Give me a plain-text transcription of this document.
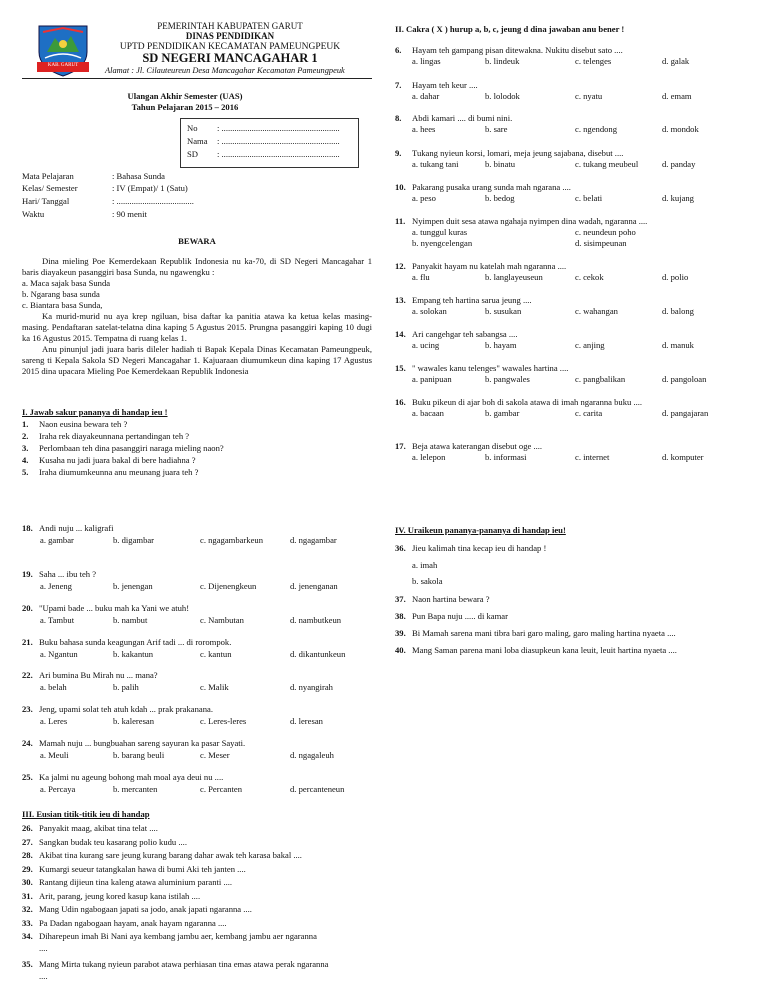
KAB. GARUT
PEMERINTAH KABUPATEN GARUT
DINAS PENDIDIKAN
UPTD PENDIDIKAN KECAMATAN PAMEUNGPEUK
SD NEGERI MANCAGAHAR 1
Alamat : Jl. Cilauteureun Desa Mancagahar Kecamatan Pameungpeuk
Ulangan Akhir Semester (UAS)
Tahun Pelajaran 2015 – 2016
No : .......................................................
Nama : .......................................................
SD : .......................................................
Mata Pelajaran	: Bahasa Sunda
Kelas/ Semester	: IV (Empat)/ 1 (Satu)
Hari/ Tanggal	: ....................................
Waktu	: 90 menit
BEWARA

Dina mieling Poe Kemerdekaan Republik Indonesia nu ka-70, di SD Negeri Mancagahar 1 baris diayakeun pasanggiri basa Sunda, nu ngawengku :

a. Maca sajak basa Sunda

b. Ngarang basa sunda

c. Biantara basa Sunda,

Ka murid-murid nu aya krep ngiluan, bisa daftar ka panitia atawa ka ketua kelas masing-masing. Pendaftaran satelat-telatna dina kaping 5 Agustus 2015. Prungna pasanggiri kaping 10 dugi ka 16 Agustus 2015. Tempatna di ruang kelas 1.

Anu pinunjul jadi juara baris dileler hadiah ti Bapak Kepala Dinas Kecamatan Pameungpeuk, sareng ti Kepala Sakola SD Negeri Mancagahar 1. Kajuaraan diumumkeun dina kaping 17 Agustus 2015 dina upacara Mieling Poe Kemerdekaan Republik Indonesia

I. Jawab sakur pananya di handap ieu !
1. Naon eusina bewara teh ?
2. Iraha rek diayakeunnana pertandingan teh ?
3. Perlombaan teh dina pasanggiri naraga mieling naon?
4. Kusaha nu jadi juara bakal di bere hadiahna ?
5. Iraha diumumkeunna anu meunang juara teh ?
II. Cakra ( X ) hurup a, b, c, jeung d dina jawaban anu bener !
6. Hayam teh gampang pisan ditewakna. Nukitu disebut sato ....
a. lingas	b. lindeuk	c. telenges	d. galak
7. Hayam teh keur ....
a. dahar	b. lolodok	c. nyatu	d. emam
8. Abdi kamari .... di bumi nini.
a. hees	b. sare	c. ngendong	d. mondok
9. Tukang nyieun korsi, lomari, meja jeung sajabana, disebut ....
a. tukang tani	b. binatu	c. tukang meubeul	d. panday
10. Pakarang pusaka urang sunda mah ngarana ....
a. peso	b. bedog	c. belati	d. kujang
11. Nyimpen duit sesa atawa ngahaja nyimpen dina wadah, ngaranna ....
a. tunggul kuras	c. neundeun poho
b. nyengcelengan	d. sisimpeunan
12. Panyakit hayam nu katelah mah ngaranna ....
a. flu	b. langlayeuseun	c. cekok	d. polio
13. Empang teh hartina sarua jeung ....
a. solokan	b. susukan	c. wahangan	d. balong
14. Ari cangehgar teh sabangsa ....
a. ucing	b. hayam	c. anjing	d. manuk
15. " wawales kanu telenges" wawales hartina ....
a. panipuan	b. pangwales	c. pangbalikan	d. pangoloan
16. Buku pikeun di ajar boh di sakola atawa di imah ngaranna buku ....
a. bacaan	b. gambar	c. carita	d. pangajaran
17. Beja atawa katerangan disebut oge ....
a. lelepon	b. informasi	c. internet	d. komputer
18. Andi nuju ... kaligrafi
a. gambar	b. digambar	c. ngagambarkeun	d. ngagambar
19. Saha ... ibu teh ?
a. Jeneng	b. jenengan	c. Dijenengkeun	d. jenenganan
20. "Upami bade ... buku mah ka Yani we atuh!
a. Tambut	b. nambut	c. Nambutan	d. nambutkeun
21. Buku bahasa sunda keagungan Arif tadi ... di rorompok.
a. Ngantun	b. kakantun	c. kantun	d. dikantunkeun
22. Ari bumina Bu Mirah nu ... mana?
a. belah	b. palih	c. Malik	d. nyangirah
23. Jeng, upami solat teh atuh kdah ... prak prakanana.
a. Leres	b. kaleresan	c. Leres-leres	d. leresan
24. Mamah nuju ... bungbuahan sareng sayuran ka pasar Sayati.
a. Meuli	b. barang beuli	c. Meser	d. ngagaleuh
25. Ka jalmi nu ageung bohong mah moal aya deui nu ....
a. Percaya	b. mercanten	c. Percanten	d. percanteneun
III. Eusian titik-titik ieu di handap
26. Panyakit maag, akibat tina telat ....
27. Sangkan budak teu kasarang polio kudu ....
28. Akibat tina kurang sare jeung kurang barang dahar awak teh karasa bakal ....
29. Kumargi seueur tatangkalan hawa di bumi Aki teh janten ....
30. Rantang dijieun tina kaleng atawa aluminium paranti ....
31. Arit, parang, jeung kored kasup kana istilah ....
32. Mang Udin ngabogaan japati sa jodo, anak japati ngaranna ....
33. Pa Dadan ngabogaan hayam, anak hayam ngaranna ....
34. Diharepeun imah Bi Nani aya kembang jambu aer, kembang jambu aer ngaranna
....
35. Mang Mirta tukang nyieun parabot atawa perhiasan tina emas atawa perak ngaranna
....
IV. Uraikeun pananya-pananya di handap ieu!
36. Jieu kalimah tina kecap ieu di handap !
a. imah
b. sakola
37. Naon hartina bewara ?
38. Pun Bapa nuju ..... di kamar
39. Bi Mamah sarena mani tibra bari garo maling, garo maling hartina nyaeta ....
40. Mang Saman parena mani loba diasupkeun kana leuit, leuit hartina nyaeta ....
